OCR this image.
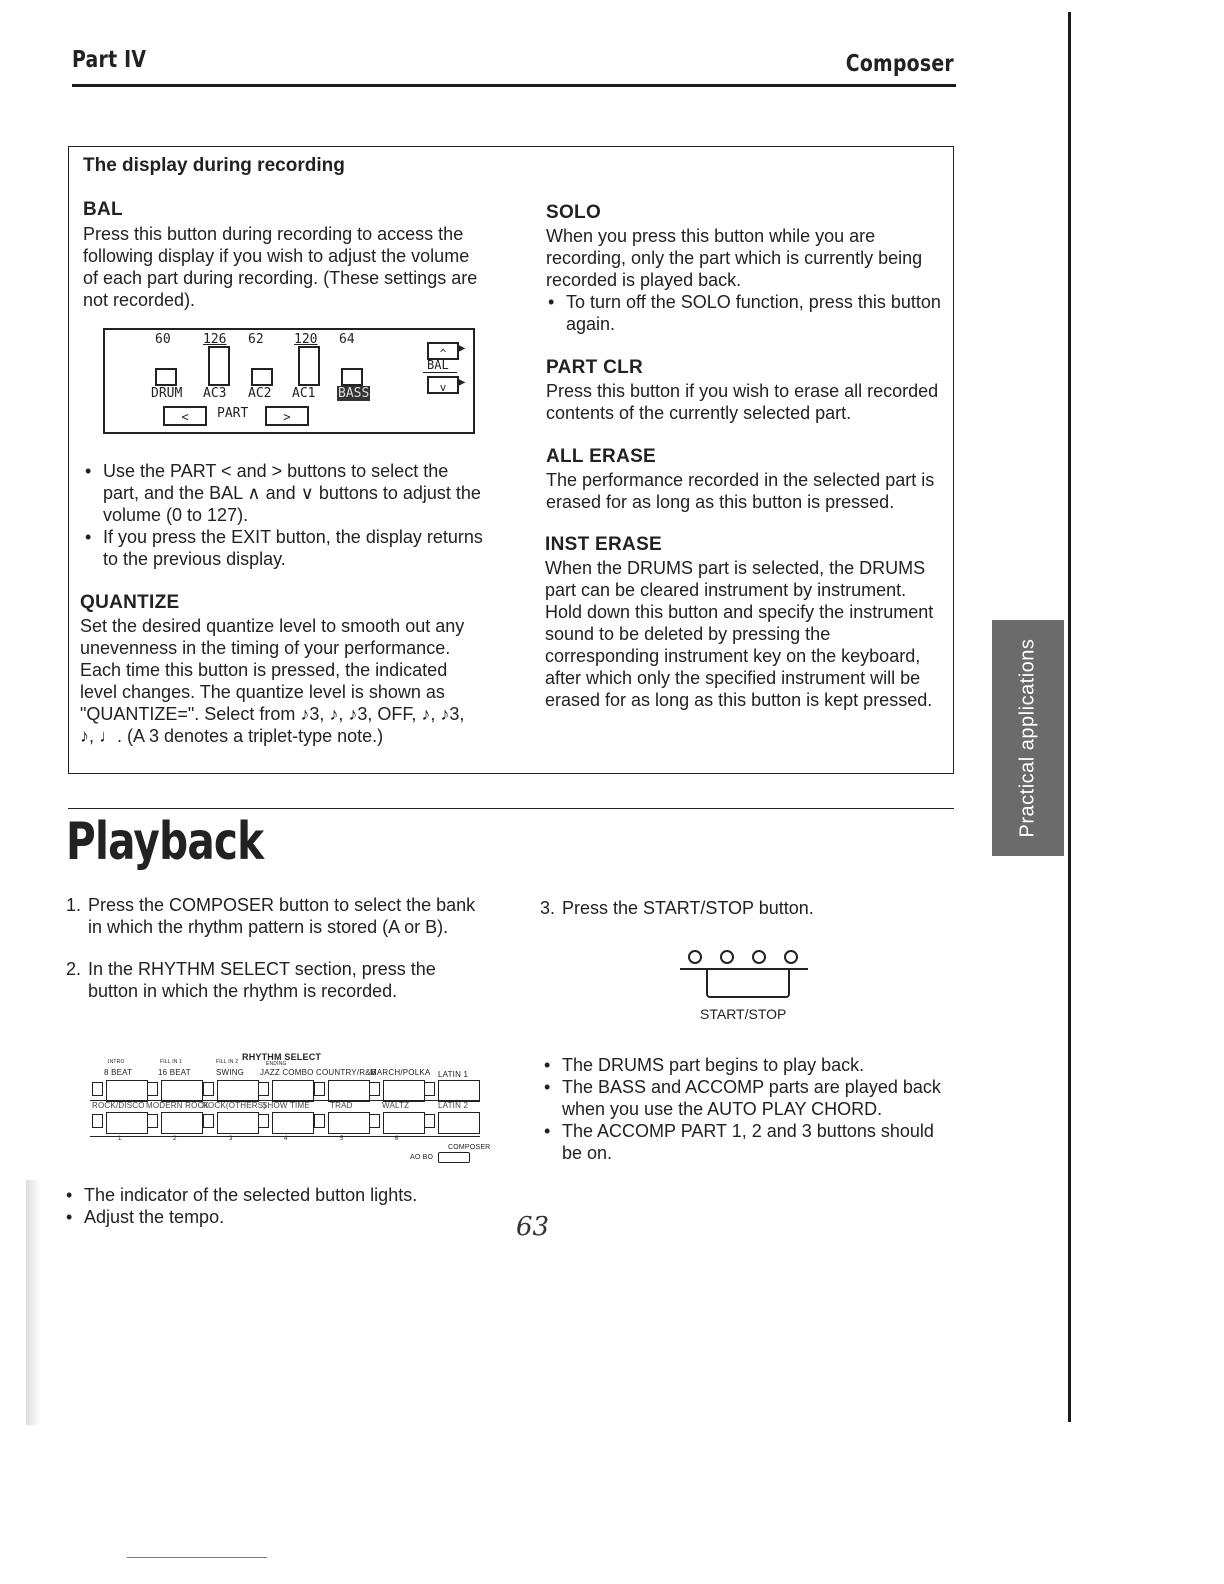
Part IV	Composer
Practical applications
The display during recording
BAL
Press this button during recording to access the following display if you wish to adjust the volume of each part during recording. (These settings are not recorded).
60 126 62 120 64
DRUM AC3 AC2 AC1 BASS
<	PART	>
^ ▶
BAL
v ▶
• Use the PART < and > buttons to select the part, and the BAL ∧ and ∨ buttons to adjust the volume (0 to 127).
• If you press the EXIT button, the display returns to the previous display.
QUANTIZE
Set the desired quantize level to smooth out any unevenness in the timing of your performance. Each time this button is pressed, the indicated level changes. The quantize level is shown as "QUANTIZE=". Select from ♪3, ♪, ♪3, OFF, ♪, ♪3, ♪, ♩. (A 3 denotes a triplet-type note.)
SOLO
When you press this button while you are recording, only the part which is currently being recorded is played back.
• To turn off the SOLO function, press this button again.
PART CLR
Press this button if you wish to erase all recorded contents of the currently selected part.
ALL ERASE
The performance recorded in the selected part is erased for as long as this button is pressed.
INST ERASE
When the DRUMS part is selected, the DRUMS part can be cleared instrument by instrument. Hold down this button and specify the instrument sound to be deleted by pressing the corresponding instrument key on the keyboard, after which only the specified instrument will be erased for as long as this button is kept pressed.
Playback
1. Press the COMPOSER button to select the bank in which the rhythm pattern is stored (A or B).
2. In the RHYTHM SELECT section, press the button in which the rhythm is recorded.
RHYTHM SELECT
INTRO	FILL IN 1	FILL IN 2	ENDING
8 BEAT	16 BEAT	SWING JAZZ COMBO COUNTRY/R&B
MARCH/POLKA LATIN 1
ROCK/DISCO MODERN ROCK
ROCK(OTHERS)
SHOW TIME	TRAD	WALTZ	LATIN 2
1	2	3	4	5	6
COMPOSER
AO BO
• The indicator of the selected button lights.
• Adjust the tempo.
3. Press the START/STOP button.
START/STOP
• The DRUMS part begins to play back.
• The BASS and ACCOMP parts are played back when you use the AUTO PLAY CHORD.
• The ACCOMP PART 1, 2 and 3 buttons should be on.
63
